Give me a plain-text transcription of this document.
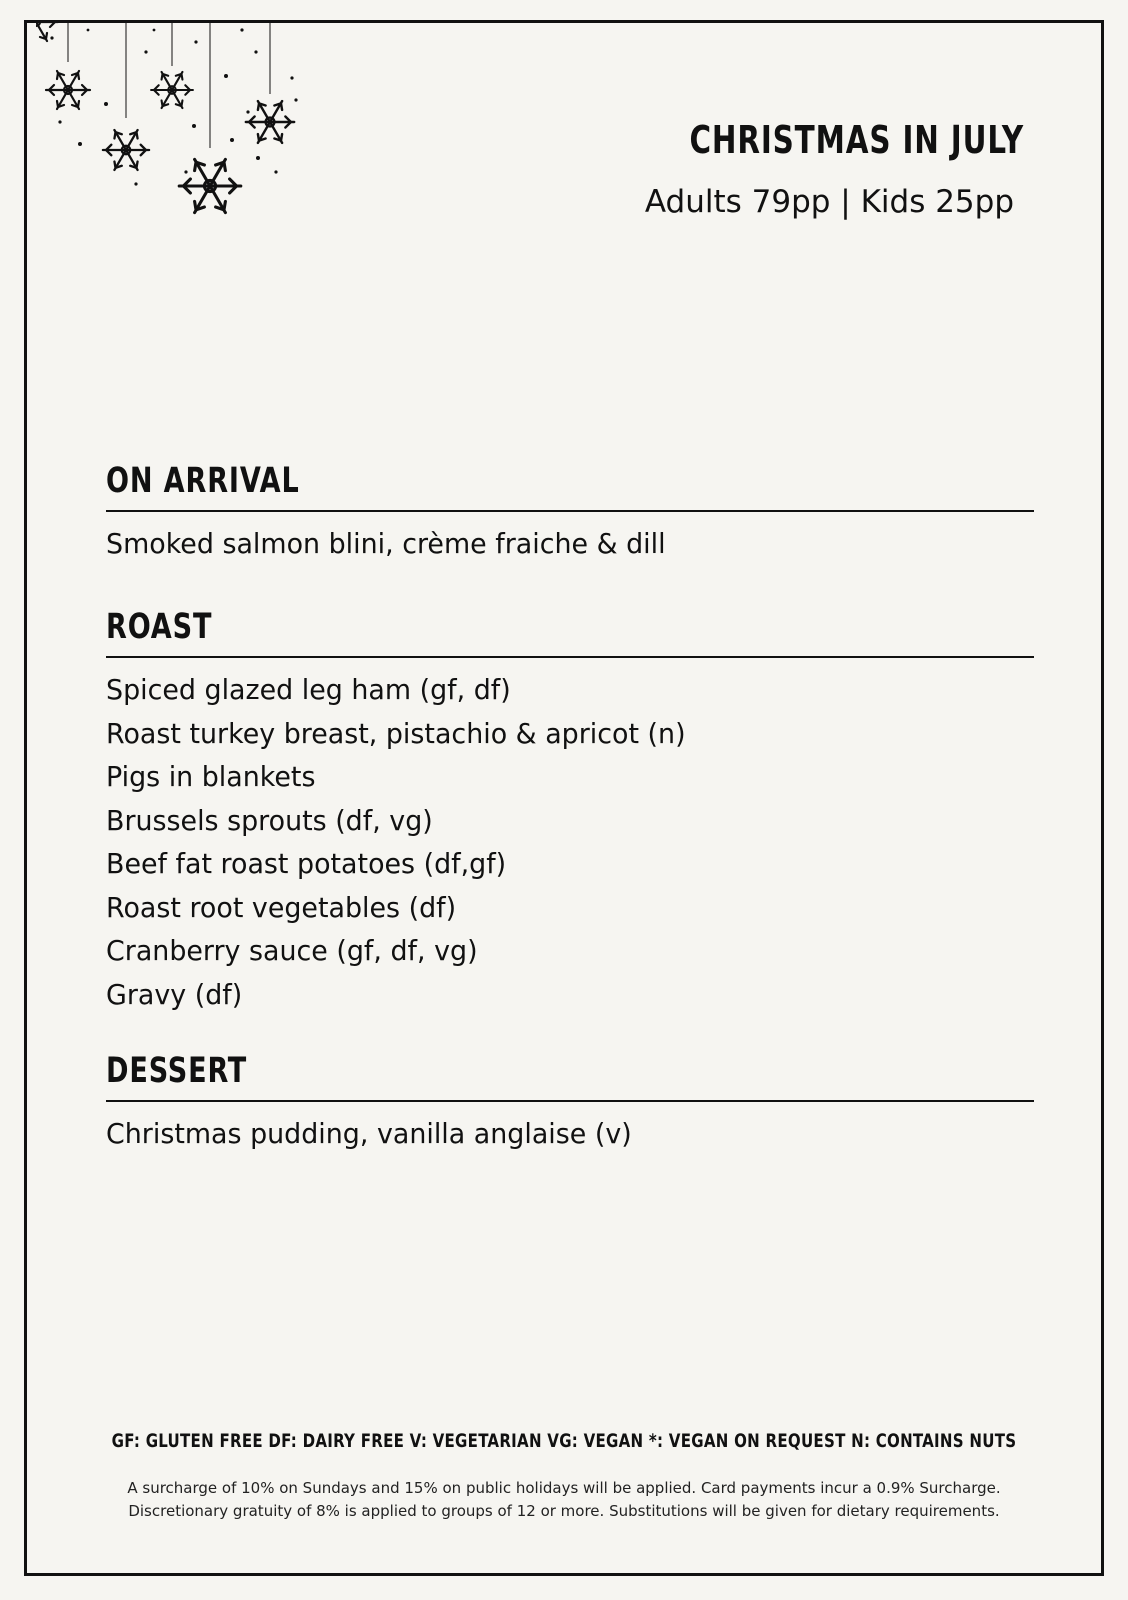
CHRISTMAS IN JULY
Adults 79pp | Kids 25pp
ON ARRIVAL
Smoked salmon blini, crème fraiche & dill
ROAST
Spiced glazed leg ham (gf, df)
Roast turkey breast, pistachio & apricot (n)
Pigs in blankets
Brussels sprouts (df, vg)
Beef fat roast potatoes (df,gf)
Roast root vegetables (df)
Cranberry sauce (gf, df, vg)
Gravy (df)
DESSERT
Christmas pudding, vanilla anglaise (v)
GF: GLUTEN FREE DF: DAIRY FREE V: VEGETARIAN VG: VEGAN *: VEGAN ON REQUEST N: CONTAINS NUTS
A surcharge of 10% on Sundays and 15% on public holidays will be applied. Card payments incur a 0.9% Surcharge.
Discretionary gratuity of 8% is applied to groups of 12 or more. Substitutions will be given for dietary requirements.
